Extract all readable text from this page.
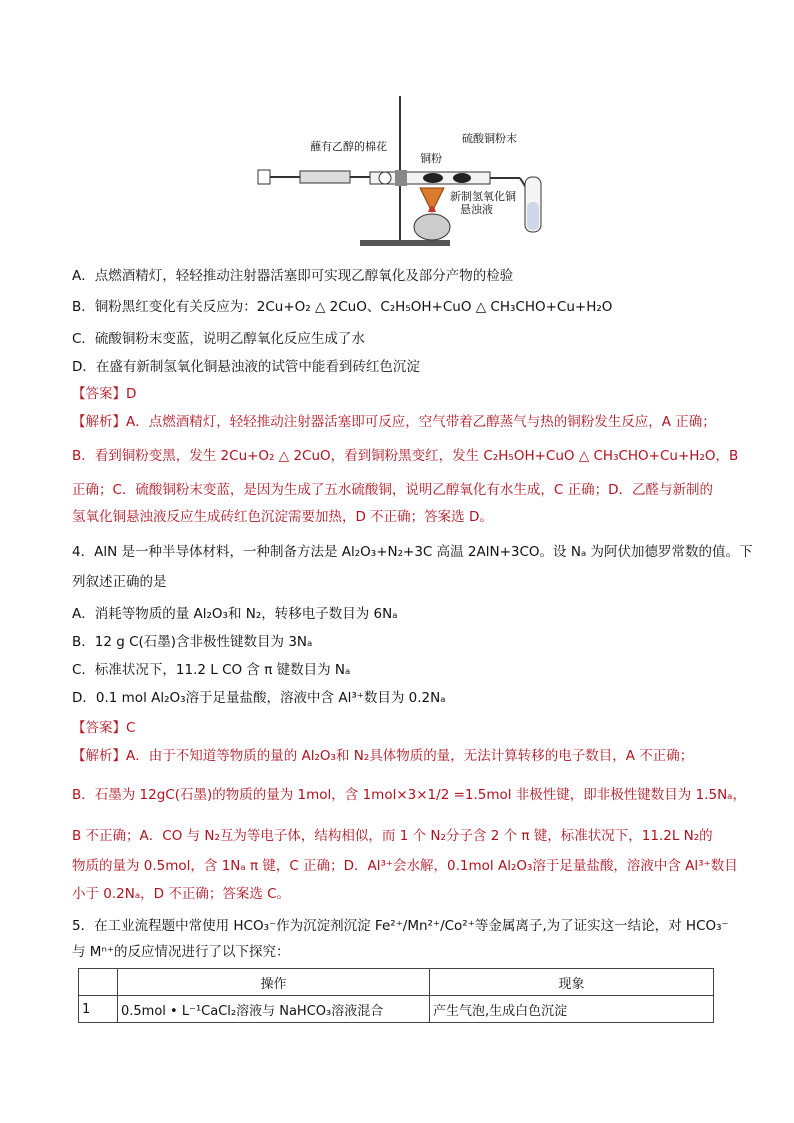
蘸有乙醇的棉花
硫酸铜粉末
铜粉
新制氢氧化铜
悬浊液
A．点燃酒精灯，轻轻推动注射器活塞即可实现乙醇氧化及部分产物的检验
B．铜粉黑红变化有关反应为：2Cu+O₂ △ 2CuO、C₂H₅OH+CuO △ CH₃CHO+Cu+H₂O
C．硫酸铜粉末变蓝，说明乙醇氧化反应生成了水
D．在盛有新制氢氧化铜悬浊液的试管中能看到砖红色沉淀
【答案】D
【解析】A．点燃酒精灯，轻轻推动注射器活塞即可反应，空气带着乙醇蒸气与热的铜粉发生反应，A 正确；
B．看到铜粉变黑，发生 2Cu+O₂ △ 2CuO，看到铜粉黑变红，发生 C₂H₅OH+CuO △ CH₃CHO+Cu+H₂O，B
正确；C．硫酸铜粉末变蓝，是因为生成了五水硫酸铜，说明乙醇氧化有水生成，C 正确；D．乙醛与新制的
氢氧化铜悬浊液反应生成砖红色沉淀需要加热，D 不正确；答案选 D。
4．AlN 是一种半导体材料，一种制备方法是 Al₂O₃+N₂+3C 高温 2AlN+3CO。设 Nₐ 为阿伏加德罗常数的值。下
列叙述正确的是
A．消耗等物质的量 Al₂O₃和 N₂，转移电子数目为 6Nₐ
B．12 g C(石墨)含非极性键数目为 3Nₐ
C．标准状况下，11.2 L CO 含 π 键数目为 Nₐ
D．0.1 mol Al₂O₃溶于足量盐酸，溶液中含 Al³⁺数目为 0.2Nₐ
【答案】C
【解析】A．由于不知道等物质的量的 Al₂O₃和 N₂具体物质的量，无法计算转移的电子数目，A 不正确；
B．石墨为 12gC(石墨)的物质的量为 1mol，含 1mol×3×1/2 =1.5mol 非极性键，即非极性键数目为 1.5Nₐ，
B 不正确；A．CO 与 N₂互为等电子体，结构相似，而 1 个 N₂分子含 2 个 π 键，标准状况下，11.2L N₂的
物质的量为 0.5mol，含 1Nₐ π 键，C 正确；D．Al³⁺会水解，0.1mol Al₂O₃溶于足量盐酸，溶液中含 Al³⁺数目
小于 0.2Nₐ，D 不正确；答案选 C。
5．在工业流程题中常使用 HCO₃⁻作为沉淀剂沉淀 Fe²⁺/Mn²⁺/Co²⁺等金属离子,为了证实这一结论，对 HCO₃⁻
与 Mⁿ⁺的反应情况进行了以下探究：
	操作	现象
1	0.5mol • L⁻¹CaCl₂溶液与 NaHCO₃溶液混合	产生气泡,生成白色沉淀
